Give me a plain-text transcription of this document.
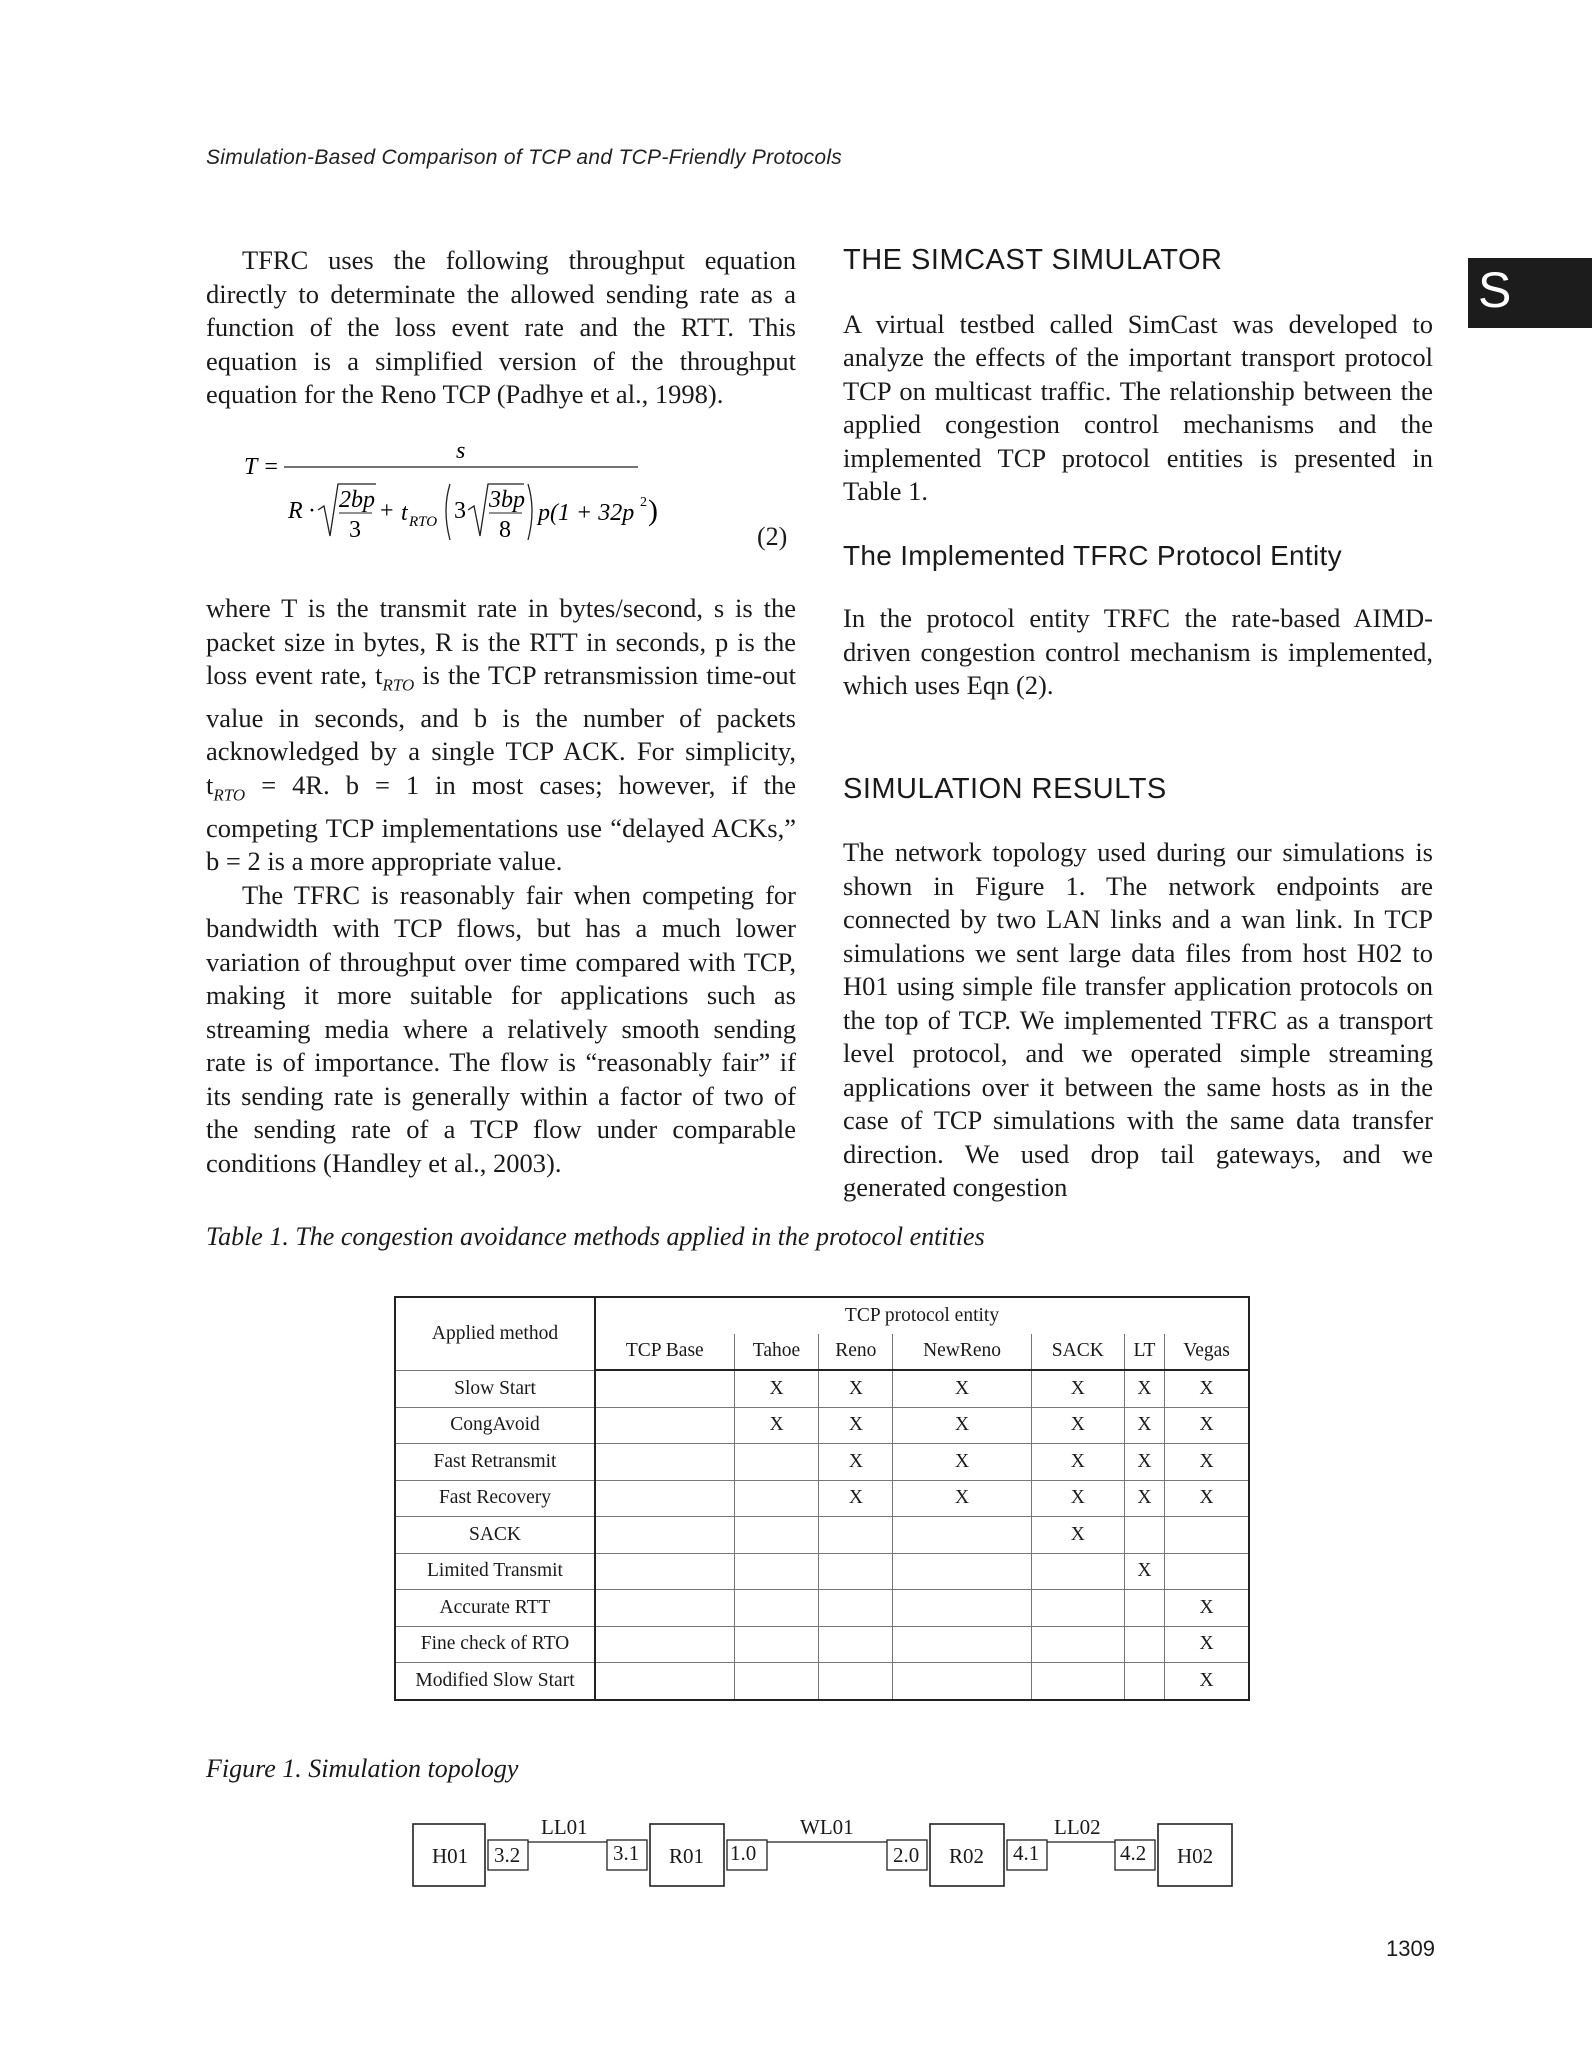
Simulation-Based Comparison of TCP and TCP-Friendly Protocols
S

TFRC uses the following throughput equation directly to determinate the allowed sending rate as a function of the loss event rate and the RTT. This equation is a simplified version of the throughput equation for the Reno TCP (Padhye et al., 1998).

T =
s
R · 2bp
3
+ t RTO 3 3bp
8
p(1 + 32p 2 )
(2)

where T is the transmit rate in bytes/second, s is the packet size in bytes, R is the RTT in seconds, p is the loss event rate, $t_{RTO}$ is the TCP retransmission time-out value in seconds, and b is the number of packets acknowledged by a single TCP ACK. For simplicity, $t_{RTO} = 4R$. b = 1 in most cases; however, if the competing TCP implementations use “delayed ACKs,” b = 2 is a more appropriate value.

The TFRC is reasonably fair when competing for bandwidth with TCP flows, but has a much lower variation of throughput over time compared with TCP, making it more suitable for applications such as streaming media where a relatively smooth sending rate is of importance. The flow is “reasonably fair” if its sending rate is generally within a factor of two of the sending rate of a TCP flow under comparable conditions (Handley et al., 2003).

THE SIMCAST SIMULATOR

A virtual testbed called SimCast was developed to analyze the effects of the important transport protocol TCP on multicast traffic. The relationship between the applied congestion control mechanisms and the implemented TCP protocol entities is presented in Table 1.

The Implemented TFRC Protocol Entity

In the protocol entity TRFC the rate-based AIMD-driven congestion control mechanism is implemented, which uses Eqn (2).

SIMULATION RESULTS

The network topology used during our simulations is shown in Figure 1. The network endpoints are connected by two LAN links and a wan link. In TCP simulations we sent large data files from host H02 to H01 using simple file transfer application protocols on the top of TCP. We implemented TFRC as a transport level protocol, and we operated simple streaming applications over it between the same hosts as in the case of TCP simulations with the same data transfer direction. We used drop tail gateways, and we generated congestion

Table 1. The congestion avoidance methods applied in the protocol entities
Applied method	TCP protocol entity						
	TCP Base	Tahoe	Reno	NewReno	SACK	LT	Vegas
Slow Start		X	X	X	X	X	X
CongAvoid		X	X	X	X	X	X
Fast Retransmit			X	X	X	X	X
Fast Recovery			X	X	X	X	X
SACK					X		
Limited Transmit						X	
Accurate RTT							X
Fine check of RTO							X
Modified Slow Start							X
Figure 1. Simulation topology
H01	R01	R02	H02
3.2	3.1	1.0	2.0	4.1	4.2
LL01	WL01	LL02
1309
